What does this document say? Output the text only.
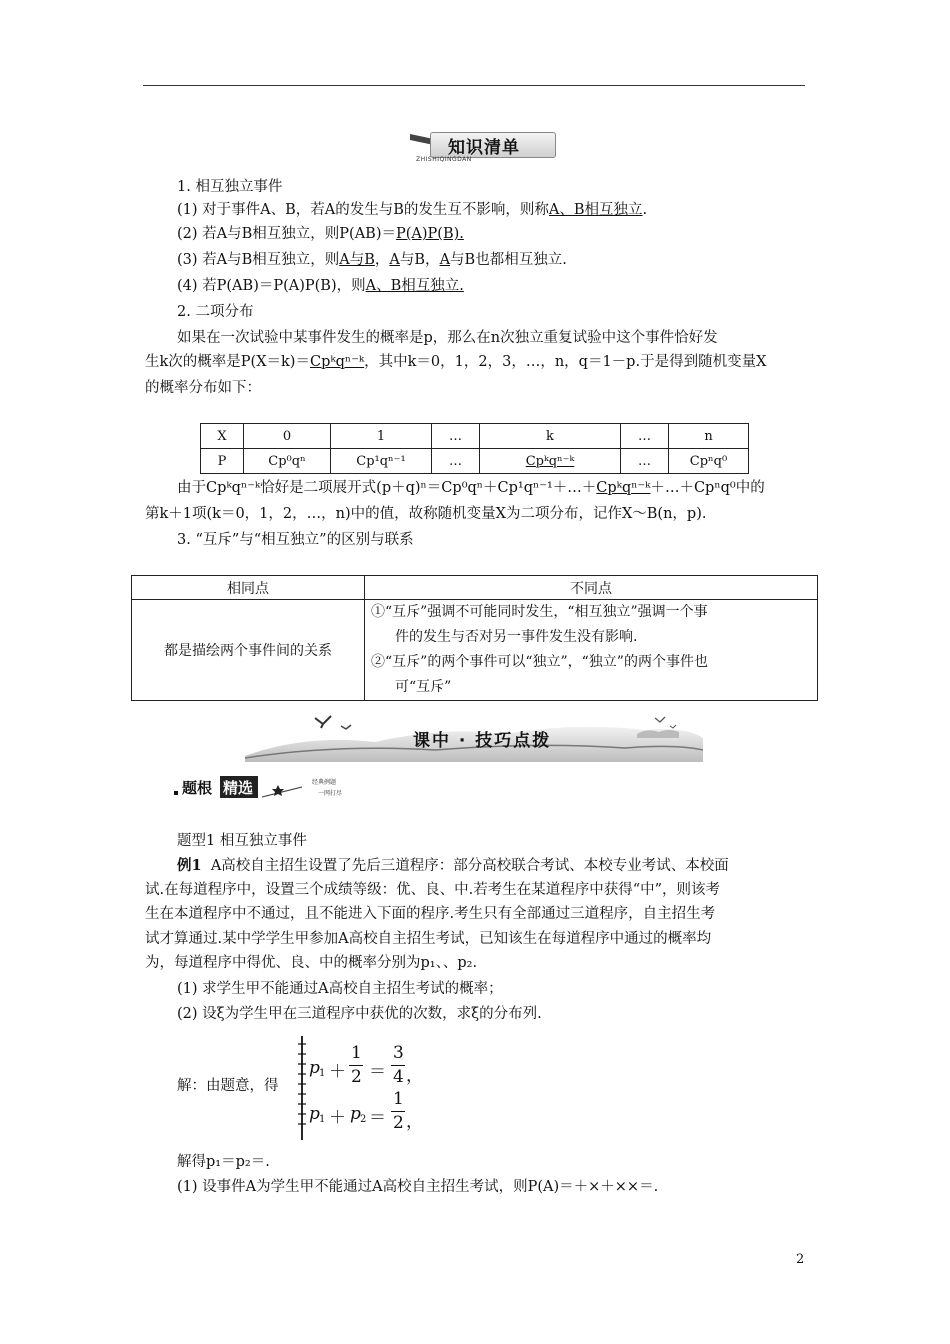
知识清单
ZHISHIQINGDAN
1. 相互独立事件
(1) 对于事件A、B，若A的发生与B的发生互不影响，则称A、B相互独立.
(2) 若A与B相互独立，则P(AB)＝P(A)P(B).
(3) 若A与B相互独立，则A与B，A与B，A与B也都相互独立.
(4) 若P(AB)＝P(A)P(B)，则A、B相互独立.
2. 二项分布
如果在一次试验中某事件发生的概率是p，那么在n次独立重复试验中这个事件恰好发
生k次的概率是P(X＝k)＝Cpᵏqⁿ⁻ᵏ，其中k＝0，1，2，3，…，n，q＝1－p.于是得到随机变量X
的概率分布如下：
X	0	1	…	k	…	n
P	Cp⁰qⁿ	Cp¹qⁿ⁻¹	…	Cpᵏqⁿ⁻ᵏ	…	Cpⁿq⁰
由于Cpᵏqⁿ⁻ᵏ恰好是二项展开式(p＋q)ⁿ＝Cp⁰qⁿ＋Cp¹qⁿ⁻¹＋…＋Cpᵏqⁿ⁻ᵏ＋…＋Cpⁿq⁰中的
第k＋1项(k＝0，1，2，…，n)中的值，故称随机变量X为二项分布，记作X～B(n，p).
3. “互斥”与“相互独立”的区别与联系
相同点	不同点
都是描绘两个事件间的关系	①“互斥”强调不可能同时发生，“相互独立”强调一个事
件的发生与否对另一事件发生没有影响.
②“互斥”的两个事件可以“独立”，“独立”的两个事件也
可“互斥”
课中 · 技巧点拨
题根 精选	经典例题
一网打尽
题型1 相互独立事件
例1 A高校自主招生设置了先后三道程序：部分高校联合考试、本校专业考试、本校面
试.在每道程序中，设置三个成绩等级：优、良、中.若考生在某道程序中获得“中”，则该考
生在本道程序中不通过，且不能进入下面的程序.考生只有全部通过三道程序，自主招生考
试才算通过.某中学学生甲参加A高校自主招生考试，已知该生在每道程序中通过的概率均
为，每道程序中得优、良、中的概率分别为p₁、、p₂.
(1) 求学生甲不能通过A高校自主招生考试的概率；
(2) 设ξ为学生甲在三道程序中获优的次数，求ξ的分布列.
解：由题意，得
p 1 ＋
1
2 ＝
3
4 ，
p 1 ＋ p 2 ＝
1
2 ，
解得p₁＝p₂＝.
(1) 设事件A为学生甲不能通过A高校自主招生考试，则P(A)＝＋×＋××＝.
2
